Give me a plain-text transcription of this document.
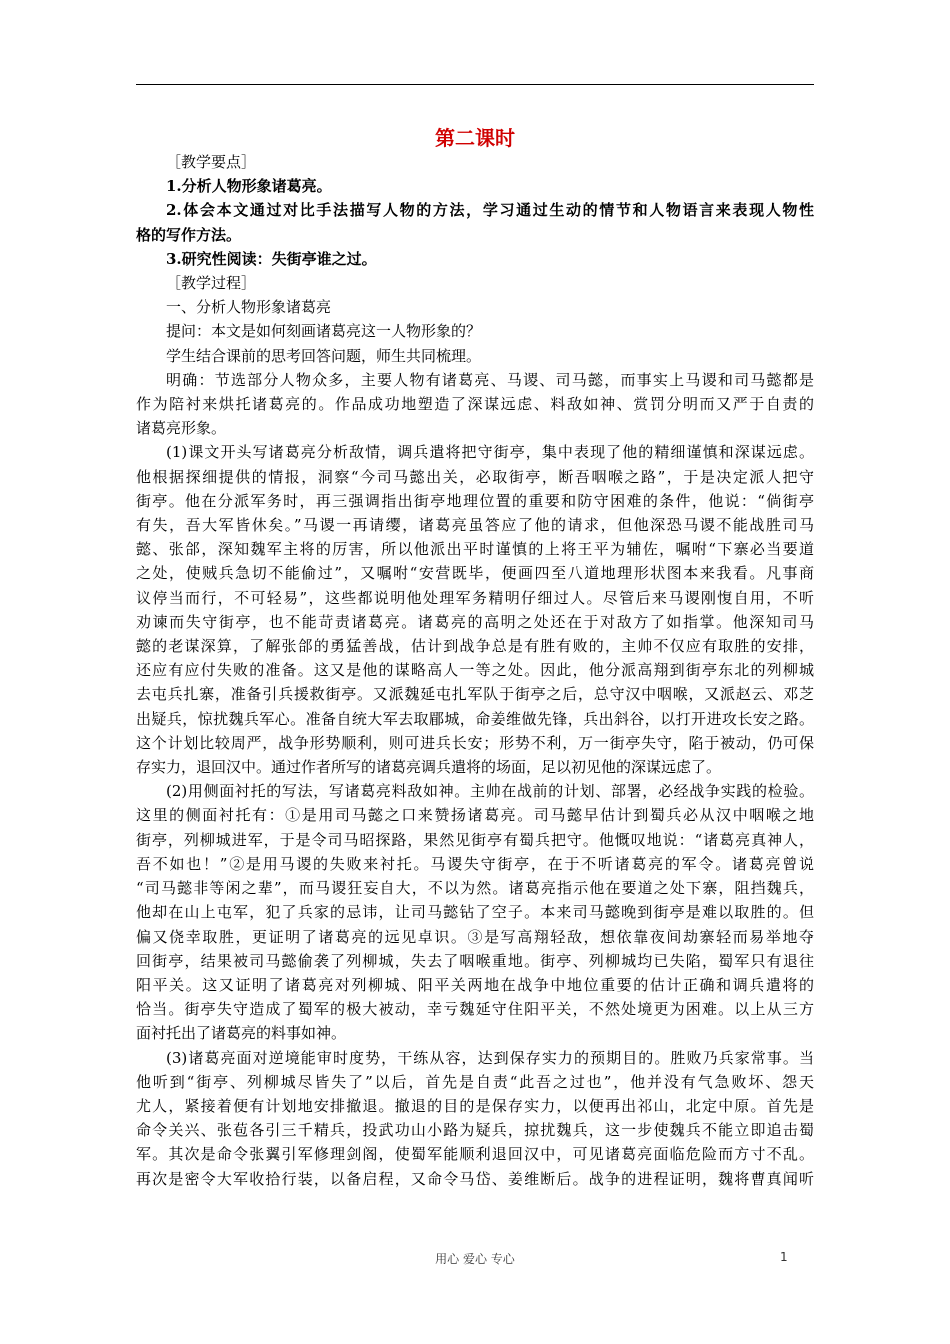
第二课时
［教学要点］
1.分析人物形象诸葛亮。
2.体会本文通过对比手法描写人物的方法，学习通过生动的情节和人物语言来表现人物性
格的写作方法。
3.研究性阅读：失街亭谁之过。
［教学过程］
一、分析人物形象诸葛亮
提问：本文是如何刻画诸葛亮这一人物形象的？
学生结合课前的思考回答问题，师生共同梳理。
明确：节选部分人物众多，主要人物有诸葛亮、马谡、司马懿，而事实上马谡和司马懿都是
作为陪衬来烘托诸葛亮的。作品成功地塑造了深谋远虑、料敌如神、赏罚分明而又严于自责的
诸葛亮形象。
(1)课文开头写诸葛亮分析敌情，调兵遣将把守街亭，集中表现了他的精细谨慎和深谋远虑。
他根据探细提供的情报，洞察“今司马懿出关，必取街亭，断吾咽喉之路”，于是决定派人把守
街亭。他在分派军务时，再三强调指出街亭地理位置的重要和防守困难的条件，他说：“倘街亭
有失，吾大军皆休矣。”马谡一再请缨，诸葛亮虽答应了他的请求，但他深恐马谡不能战胜司马
懿、张郃，深知魏军主将的厉害，所以他派出平时谨慎的上将王平为辅佐，嘱咐“下寨必当要道
之处，使贼兵急切不能偷过”，又嘱咐“安营既毕，便画四至八道地理形状图本来我看。凡事商
议停当而行，不可轻易”，这些都说明他处理军务精明仔细过人。尽管后来马谡刚愎自用，不听
劝谏而失守街亭，也不能苛责诸葛亮。诸葛亮的高明之处还在于对敌方了如指掌。他深知司马
懿的老谋深算，了解张郃的勇猛善战，估计到战争总是有胜有败的，主帅不仅应有取胜的安排，
还应有应付失败的准备。这又是他的谋略高人一等之处。因此，他分派高翔到街亭东北的列柳城
去屯兵扎寨，准备引兵援救街亭。又派魏延屯扎军队于街亭之后，总守汉中咽喉，又派赵云、邓芝
出疑兵，惊扰魏兵军心。准备自统大军去取郿城，命姜维做先锋，兵出斜谷，以打开进攻长安之路。
这个计划比较周严，战争形势顺利，则可进兵长安；形势不利，万一街亭失守，陷于被动，仍可保
存实力，退回汉中。通过作者所写的诸葛亮调兵遣将的场面，足以初见他的深谋远虑了。
(2)用侧面衬托的写法，写诸葛亮料敌如神。主帅在战前的计划、部署，必经战争实践的检验。
这里的侧面衬托有：①是用司马懿之口来赞扬诸葛亮。司马懿早估计到蜀兵必从汉中咽喉之地
街亭，列柳城进军，于是令司马昭探路，果然见街亭有蜀兵把守。他慨叹地说：“诸葛亮真神人，
吾不如也！”②是用马谡的失败来衬托。马谡失守街亭，在于不听诸葛亮的军令。诸葛亮曾说
“司马懿非等闲之辈”，而马谡狂妄自大，不以为然。诸葛亮指示他在要道之处下寨，阻挡魏兵，
他却在山上屯军，犯了兵家的忌讳，让司马懿钻了空子。本来司马懿晚到街亭是难以取胜的。但
偏又侥幸取胜，更证明了诸葛亮的远见卓识。③是写高翔轻敌，想依靠夜间劫寨轻而易举地夺
回街亭，结果被司马懿偷袭了列柳城，失去了咽喉重地。街亭、列柳城均已失陷，蜀军只有退往
阳平关。这又证明了诸葛亮对列柳城、阳平关两地在战争中地位重要的估计正确和调兵遣将的
恰当。街亭失守造成了蜀军的极大被动，幸亏魏延守住阳平关，不然处境更为困难。以上从三方
面衬托出了诸葛亮的料事如神。
(3)诸葛亮面对逆境能审时度势，干练从容，达到保存实力的预期目的。胜败乃兵家常事。当
他听到“街亭、列柳城尽皆失了”以后，首先是自责“此吾之过也”，他并没有气急败坏、怨天
尤人，紧接着便有计划地安排撤退。撤退的目的是保存实力，以便再出祁山，北定中原。首先是
命令关兴、张苞各引三千精兵，投武功山小路为疑兵，掠扰魏兵，这一步使魏兵不能立即追击蜀
军。其次是命令张翼引军修理剑阁，使蜀军能顺利退回汉中，可见诸葛亮面临危险而方寸不乱。
再次是密令大军收拾行装，以备启程，又命令马岱、姜维断后。战争的进程证明，魏将曹真闻听
用心 爱心 专心	1
